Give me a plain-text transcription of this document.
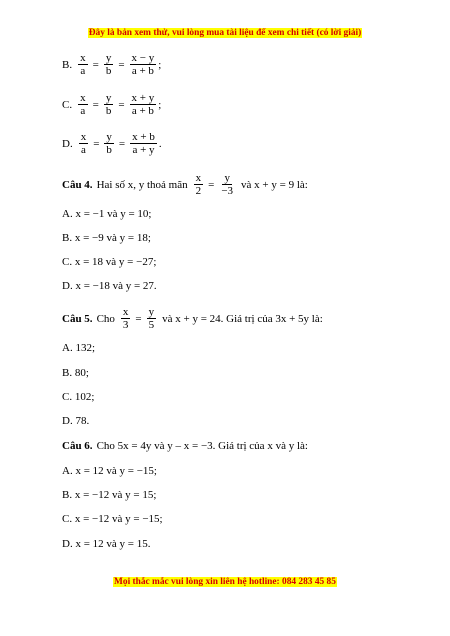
Đây là bản xem thử, vui lòng mua tài liệu để xem chi tiết (có lời giải)
B. $\frac{x}{a} = \frac{y}{b} = \frac{x - y}{a + b}$ ;
C. $\frac{x}{a} = \frac{y}{b} = \frac{x + y}{a + b}$ ;
D. $\frac{x}{a} = \frac{y}{b} = \frac{x + b}{a + y}$ .
Câu 4. Hai số x, y thoả mãn $\frac{x}{2} = \frac{y}{-3}$ và x + y = 9 là:
A. x = −1 và y = 10;
B. x = −9 và y = 18;
C. x = 18 và y = −27;
D. x = −18 và y = 27.
Câu 5. Cho $\frac{x}{3} = \frac{y}{5}$ và x + y = 24. Giá trị của 3x + 5y là:
A. 132;
B. 80;
C. 102;
D. 78.
Câu 6. Cho 5x = 4y và y – x = −3. Giá trị của x và y là:
A. x = 12 và y = −15;
B. x = −12 và y = 15;
C. x = −12 và y = −15;
D. x = 12 và y = 15.
Mọi thắc mắc vui lòng xin liên hệ hotline: 084 283 45 85
